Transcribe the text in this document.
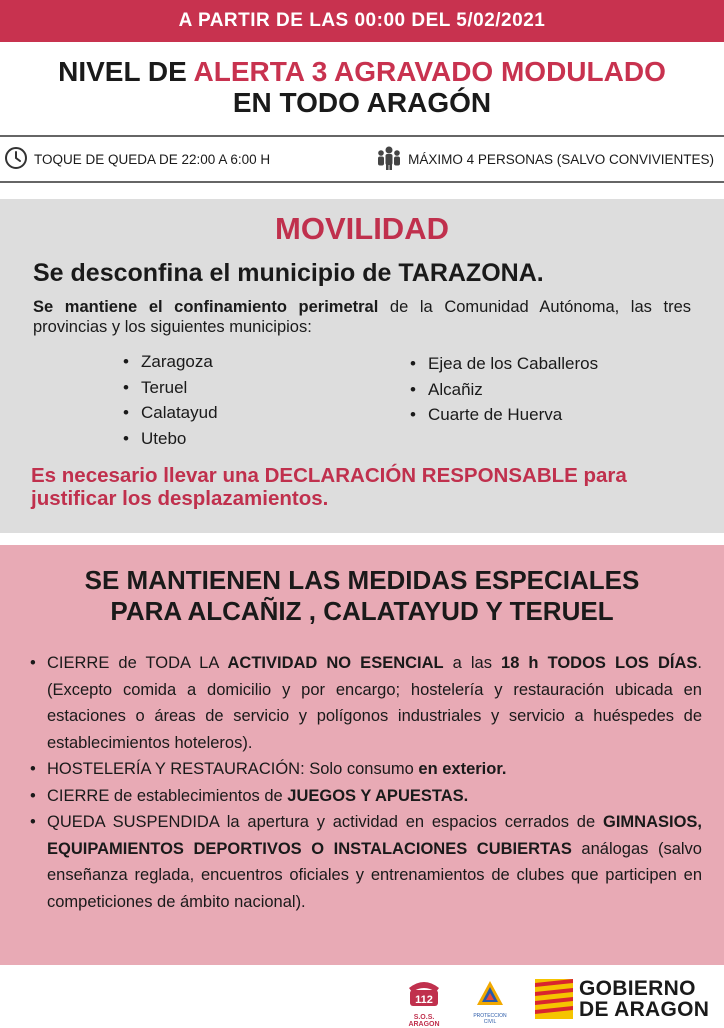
A PARTIR DE LAS 00:00 DEL 5/02/2021
NIVEL DE ALERTA 3 AGRAVADO MODULADO
EN TODO ARAGÓN
TOQUE DE QUEDA DE 22:00 A 6:00 H	MÁXIMO 4 PERSONAS (SALVO CONVIVIENTES)
MOVILIDAD
Se desconfina el municipio de TARAZONA.

Se mantiene el confinamiento perimetral de la Comunidad Autónoma, las tres provincias y los siguientes municipios:

• Zaragoza
• Teruel
• Calatayud
• Utebo
• Ejea de los Caballeros
• Alcañiz
• Cuarte de Huerva
Es necesario llevar una DECLARACIÓN RESPONSABLE para justificar los desplazamientos.
SE MANTIENEN LAS MEDIDAS ESPECIALES
PARA ALCAÑIZ , CALATAYUD Y TERUEL
• CIERRE de TODA LA ACTIVIDAD NO ESENCIAL a las 18 h TODOS LOS DÍAS. (Excepto comida a domicilio y por encargo; hostelería y restauración ubicada en estaciones o áreas de servicio y polígonos industriales y servicio a huéspedes de establecimientos hoteleros).
• HOSTELERÍA Y RESTAURACIÓN: Solo consumo en exterior.
• CIERRE de establecimientos de JUEGOS Y APUESTAS.
• QUEDA SUSPENDIDA la apertura y actividad en espacios cerrados de GIMNASIOS, EQUIPAMIENTOS DEPORTIVOS O INSTALACIONES CUBIERTAS análogas (salvo enseñanza reglada, encuentros oficiales y entrenamientos de clubes que participen en competiciones de ámbito nacional).
112
S.O.S. ARAGON
PROTECCION CIVIL
GOBIERNO
DE ARAGON
